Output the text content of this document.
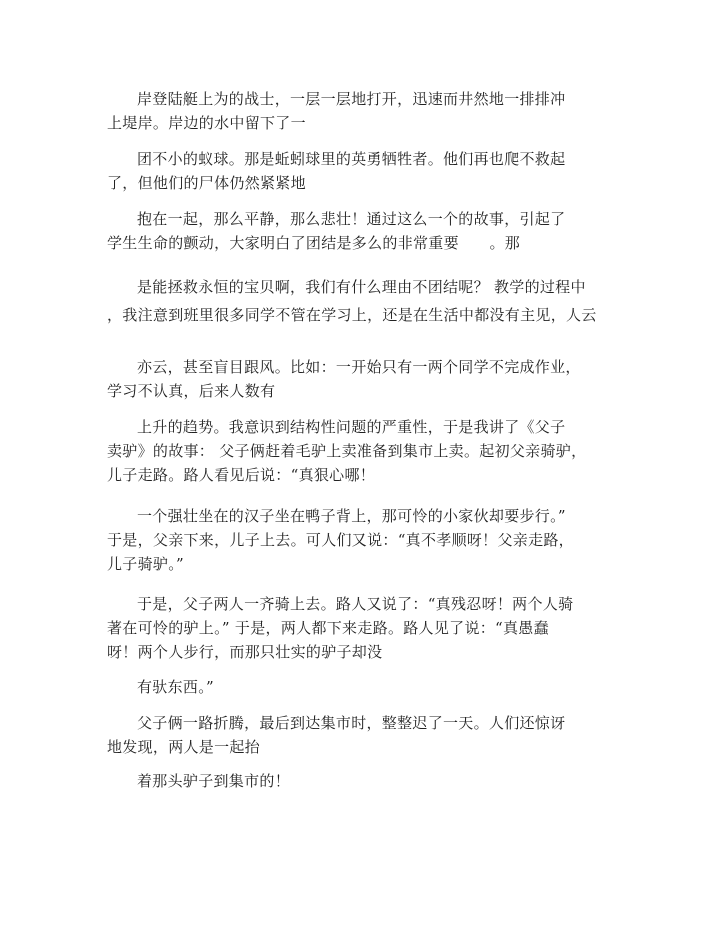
岸登陆艇上为的战士，一层一层地打开，迅速而井然地一排排冲

上堤岸。岸边的水中留下了一

团不小的蚁球。那是蚯蚓球里的英勇牺牲者。他们再也爬不救起

了，但他们的尸体仍然紧紧地

抱在一起，那么平静，那么悲壮！通过这么一个的故事，引起了

学生生命的颤动，大家明白了团结是多么的非常重要　　。那

是能拯救永恒的宝贝啊，我们有什么理由不团结呢？ 教学的过程中

，我注意到班里很多同学不管在学习上，还是在生活中都没有主见，人云

亦云，甚至盲目跟风。比如：一开始只有一两个同学不完成作业，

学习不认真，后来人数有

上升的趋势。我意识到结构性问题的严重性，于是我讲了《父子

卖驴》的故事： 父子俩赶着毛驴上卖准备到集市上卖。起初父亲骑驴，

儿子走路。路人看见后说：“真狠心哪！

一个强壮坐在的汉子坐在鸭子背上，那可怜的小家伙却要步行。”

于是，父亲下来，儿子上去。可人们又说：“真不孝顺呀！父亲走路，

儿子骑驴。”

于是，父子两人一齐骑上去。路人又说了：“真残忍呀！两个人骑

著在可怜的驴上。” 于是，两人都下来走路。路人见了说：“真愚蠢

呀！两个人步行，而那只壮实的驴子却没

有驮东西。”

父子俩一路折腾，最后到达集市时，整整迟了一天。人们还惊讶

地发现，两人是一起抬

着那头驴子到集市的！
